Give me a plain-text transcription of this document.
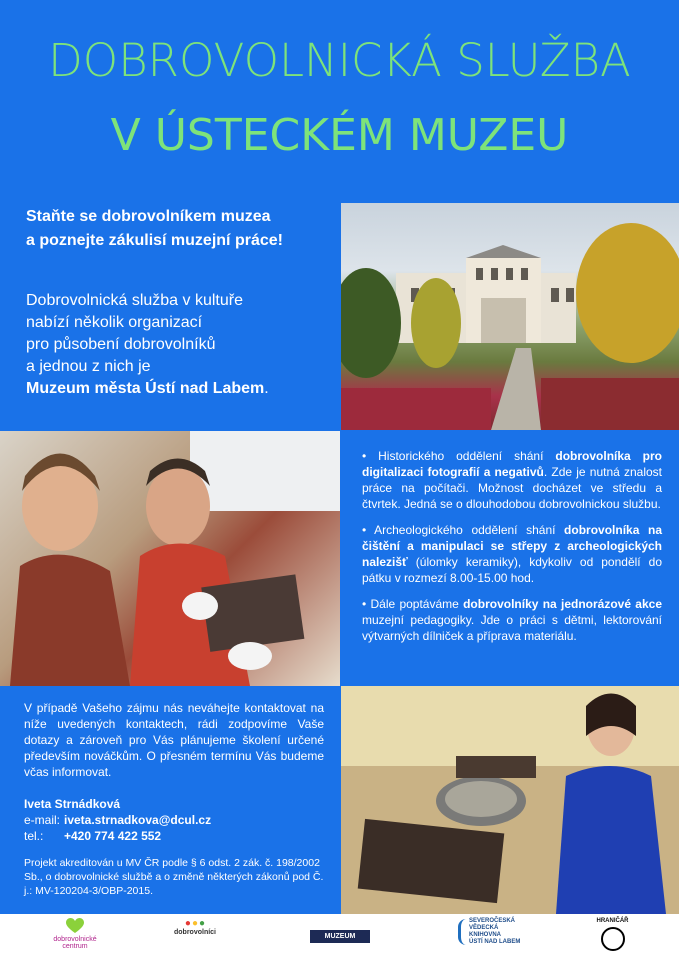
DOBROVOLNICKÁ SLUŽBA
V ÚSTECKÉM MUZEU
Staňte se dobrovolníkem muzea
a poznejte zákulisí muzejní práce!
Dobrovolnická služba v kultuře
nabízí několik organizací
pro působení dobrovolníků
a jednou z nich je
Muzeum města Ústí nad Labem.

• Historického oddělení shání dobrovolníka pro digitalizaci fotografií a negativů. Zde je nutná znalost práce na počítači. Možnost docházet ve středu a čtvrtek. Jedná se o dlouhodobou dobrovolnickou službu.

• Archeologického oddělení shání dobrovolníka na čištění a manipulaci se střepy z archeologických nalezišť (úlomky keramiky), kdykoliv od pondělí do pátku v rozmezí 8.00-15.00 hod.

• Dále poptáváme dobrovolníky na jednorázové akce muzejní pedagogiky. Jde o práci s dětmi, lektorování výtvarných dílniček a příprava materiálu.

V případě Vašeho zájmu nás neváhejte kontaktovat na níže uvedených kontaktech, rádi zodpovíme Vaše dotazy a zároveň pro Vás plánujeme školení určené především nováčkům. O přesném termínu Vás budeme včas informovat.

Iveta Strnádková

e-mail: iveta.strnadkova@dcul.cz
tel.:	+420 774 422 552
Projekt akreditován u MV ČR podle § 6 odst. 2 zák. č. 198/2002 Sb., o dobrovolnické službě a o změně některých zákonů pod Č. j.: MV-120204-3/OBP-2015.
dobrovolnické centrum
● ● ●
dobrovolníci
MUZEUM
SEVEROČESKÁ
VĚDECKÁ
KNIHOVNA
ÚSTÍ NAD LABEM
HRANIČÁŘ
